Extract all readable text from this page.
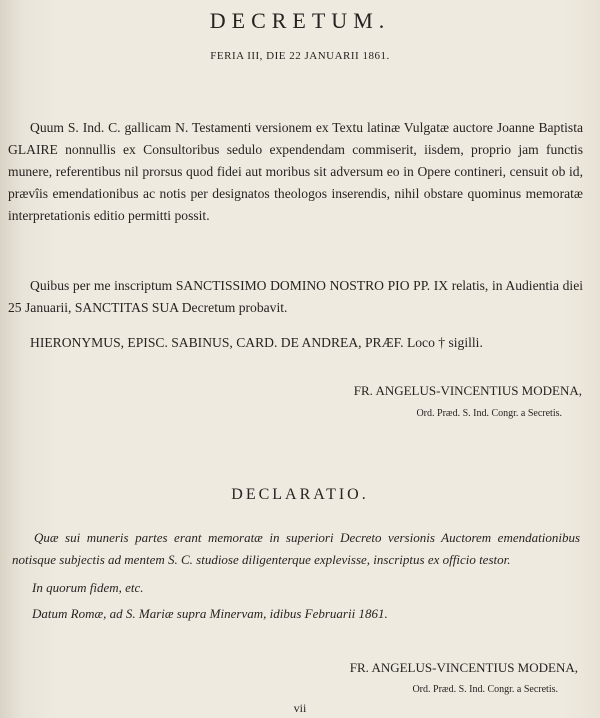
DECRETUM.
FERIA III, DIE 22 JANUARII 1861.
Quum S. Ind. C. gallicam N. Testamenti versionem ex Textu latinæ Vulgatæ auctore Joanne Baptista GLAIRE nonnullis ex Consultoribus sedulo expendendam commiserit, iisdem, proprio jam functis munere, referentibus nil prorsus quod fidei aut moribus sit adversum eo in Opere contineri, censuit ob id, prævîis emendationibus ac notis per designatos theologos inserendis, nihil obstare quominus memoratæ interpretationis editio permitti possit.
Quibus per me inscriptum SANCTISSIMO DOMINO NOSTRO PIO PP. IX relatis, in Audientia diei 25 Januarii, SANCTITAS SUA Decretum probavit.
HIERONYMUS, EPISC. SABINUS, CARD. DE ANDREA, PRÆF. Loco † sigilli.
FR. ANGELUS-VINCENTIUS MODENA,
Ord. Præd. S. Ind. Congr. a Secretis.
DECLARATIO.
Quæ sui muneris partes erant memoratæ in superiori Decreto versionis Auctorem emendationibus notisque subjectis ad mentem S. C. studiose diligenterque explevisse, inscriptus ex officio testor.
In quorum fidem, etc.
Datum Romæ, ad S. Mariæ supra Minervam, idibus Februarii 1861.
FR. ANGELUS-VINCENTIUS MODENA,
Ord. Præd. S. Ind. Congr. a Secretis.
vii
